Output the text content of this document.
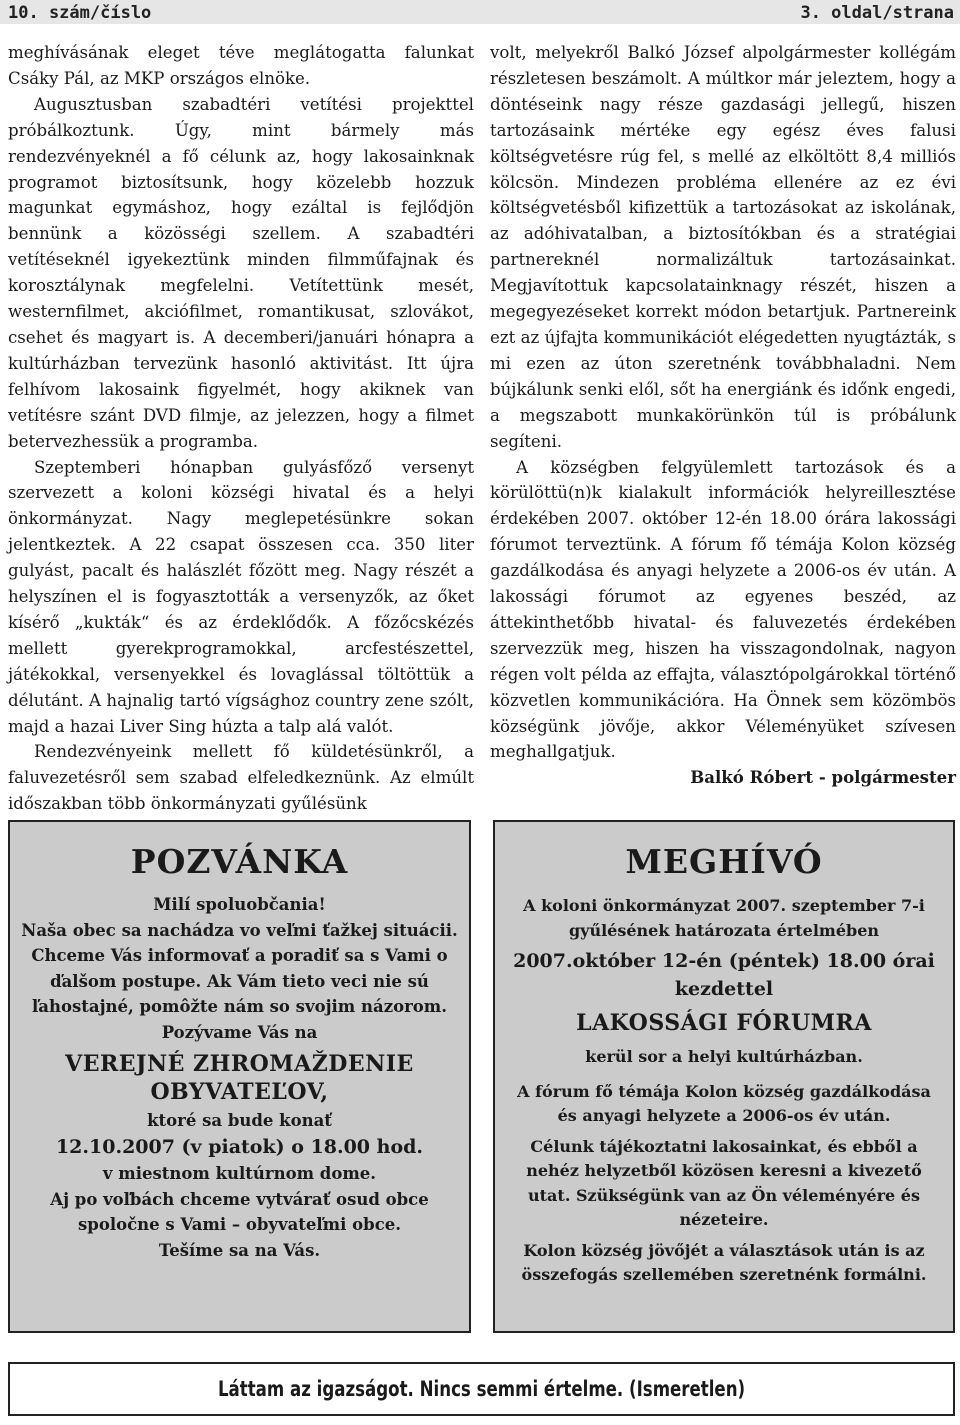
10. szám/číslo	3. oldal/strana

meghívásának eleget téve meglátogatta falunkat Csáky Pál, az MKP országos elnöke.

Augusztusban szabadtéri vetítési projekttel próbálkoztunk. Úgy, mint bármely más rendezvényeknél a fő célunk az, hogy lakosainknak programot biztosítsunk, hogy közelebb hozzuk magunkat egymáshoz, hogy ezáltal is fejlődjön bennünk a közösségi szellem. A szabadtéri vetítéseknél igyekeztünk minden filmműfajnak és korosztálynak megfelelni. Vetítettünk mesét, westernfilmet, akciófilmet, romantikusat, szlovákot, csehet és magyart is. A decemberi/januári hónapra a kultúrházban tervezünk hasonló aktivitást. Itt újra felhívom lakosaink figyelmét, hogy akiknek van vetítésre szánt DVD filmje, az jelezzen, hogy a filmet betervezhessük a programba.

Szeptemberi hónapban gulyásfőző versenyt szervezett a koloni községi hivatal és a helyi önkormányzat. Nagy meglepetésünkre sokan jelentkeztek. A 22 csapat összesen cca. 350 liter gulyást, pacalt és halászlét főzött meg. Nagy részét a helyszínen el is fogyasztották a versenyzők, az őket kísérő „kukták“ és az érdeklődők. A főzőcskézés mellett gyerekprogramokkal, arcfestészettel, játékokkal, versenyekkel és lovaglással töltöttük a délutánt. A hajnalig tartó vígsághoz country zene szólt, majd a hazai Liver Sing húzta a talp alá valót.

Rendezvényeink mellett fő küldetésünkről, a faluvezetésről sem szabad elfeledkeznünk. Az elmúlt időszakban több önkormányzati gyűlésünk

volt, melyekről Balkó József alpolgármester kollégám részletesen beszámolt. A múltkor már jeleztem, hogy a döntéseink nagy része gazdasági jellegű, hiszen tartozásaink mértéke egy egész éves falusi költségvetésre rúg fel, s mellé az elköltött 8,4 milliós kölcsön. Mindezen probléma ellenére az ez évi költségvetésből kifizettük a tartozásokat az iskolának, az adóhivatalban, a biztosítókban és a stratégiai partnereknél normalizáltuk tartozásainkat. Megjavítottuk kapcsolatainknagy részét, hiszen a megegyezéseket korrekt módon betartjuk. Partnereink ezt az újfajta kommunikációt elégedetten nyugtázták, s mi ezen az úton szeretnénk továbbhaladni. Nem bújkálunk senki elől, sőt ha energiánk és időnk engedi, a megszabott munkakörünkön túl is próbálunk segíteni.

A községben felgyülemlett tartozások és a körülöttü(n)k kialakult információk helyreillesztése érdekében 2007. október 12-én 18.00 órára lakossági fórumot terveztünk. A fórum fő témája Kolon község gazdálkodása és anyagi helyzete a 2006-os év után. A lakossági fórumot az egyenes beszéd, az áttekinthetőbb hivatal- és faluvezetés érdekében szervezzük meg, hiszen ha visszagondolnak, nagyon régen volt példa az effajta, választópolgárokkal történő közvetlen kommunikációra. Ha Önnek sem közömbös községünk jövője, akkor Véleményüket szívesen meghallgatjuk.

Balkó Róbert - polgármester

POZVÁNKA
Milí spoluobčania!
Naša obec sa nachádza vo veľmi ťažkej situácii. Chceme Vás informovať a poradiť sa s Vami o ďalšom postupe. Ak Vám tieto veci nie sú ľahostajné, pomôžte nám so svojim názorom.
Pozývame Vás na
VEREJNÉ ZHROMAŽDENIE OBYVATEĽOV,
ktoré sa bude konať
12.10.2007 (v piatok) o 18.00 hod.
v miestnom kultúrnom dome.
Aj po voľbách chceme vytvárať osud obce spoločne s Vami – obyvateľmi obce.
Tešíme sa na Vás.
MEGHÍVÓ
A koloni önkormányzat 2007. szeptember 7-i gyűlésének határozata értelmében
2007.október 12-én (péntek) 18.00 órai kezdettel
LAKOSSÁGI FÓRUMRA
kerül sor a helyi kultúrházban.
A fórum fő témája Kolon község gazdálkodása és anyagi helyzete a 2006-os év után.
Célunk tájékoztatni lakosainkat, és ebből a nehéz helyzetből közösen keresni a kivezető utat. Szükségünk van az Ön véleményére és nézeteire.
Kolon község jövőjét a választások után is az összefogás szellemében szeretnénk formálni.
Láttam az igazságot. Nincs semmi értelme. (Ismeretlen)
